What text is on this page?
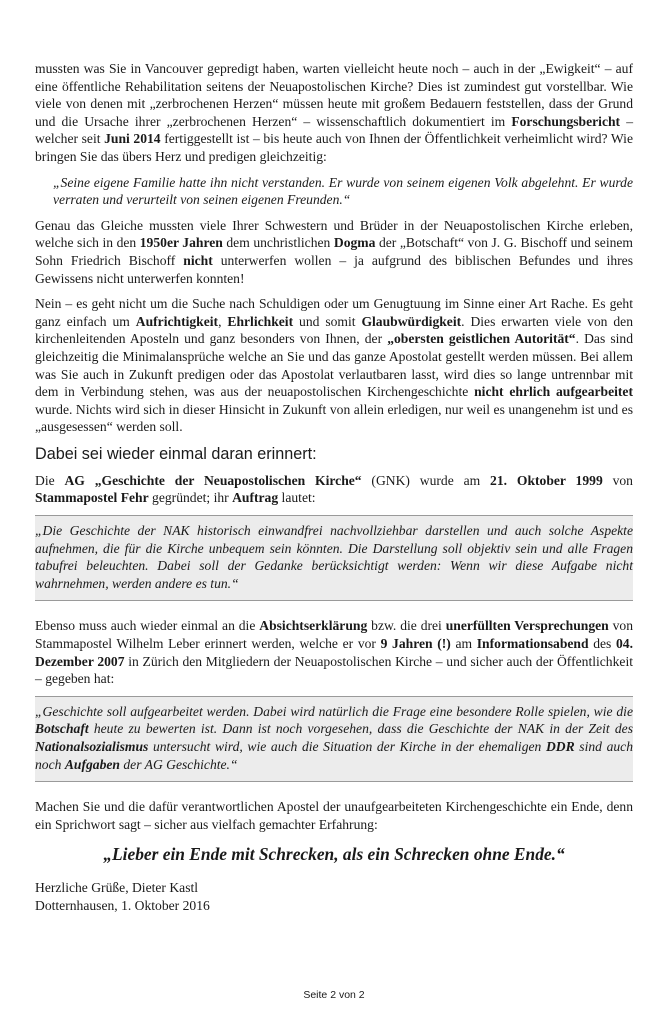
mussten was Sie in Vancouver gepredigt haben, warten vielleicht heute noch – auch in der „Ewigkeit“ – auf eine öffentliche Rehabilitation seitens der Neuapostolischen Kirche? Dies ist zumindest gut vorstellbar. Wie viele von denen mit „zerbrochenen Herzen“ müssen heute mit großem Bedauern feststellen, dass der Grund und die Ursache ihrer „zerbrochenen Herzen“ – wissenschaftlich dokumentiert im Forschungsbericht – welcher seit Juni 2014 fertiggestellt ist – bis heute auch von Ihnen der Öffentlichkeit verheimlicht wird? Wie bringen Sie das übers Herz und predigen gleichzeitig:

„Seine eigene Familie hatte ihn nicht verstanden. Er wurde von seinem eigenen Volk abgelehnt. Er wurde verraten und verurteilt von seinen eigenen Freunden.“

Genau das Gleiche mussten viele Ihrer Schwestern und Brüder in der Neuapostolischen Kirche erleben, welche sich in den 1950er Jahren dem unchristlichen Dogma der „Botschaft“ von J. G. Bischoff und seinem Sohn Friedrich Bischoff nicht unterwerfen wollen – ja aufgrund des biblischen Befundes und ihres Gewissens nicht unterwerfen konnten!

Nein – es geht nicht um die Suche nach Schuldigen oder um Genugtuung im Sinne einer Art Rache. Es geht ganz einfach um Aufrichtigkeit, Ehrlichkeit und somit Glaubwürdigkeit. Dies erwarten viele von den kirchenleitenden Aposteln und ganz besonders von Ihnen, der „obersten geistlichen Autorität“. Das sind gleichzeitig die Minimalansprüche welche an Sie und das ganze Apostolat gestellt werden müssen. Bei allem was Sie auch in Zukunft predigen oder das Apostolat verlautbaren lasst, wird dies so lange untrennbar mit dem in Verbindung stehen, was aus der neuapostolischen Kirchengeschichte nicht ehrlich aufgearbeitet wurde. Nichts wird sich in dieser Hinsicht in Zukunft von allein erledigen, nur weil es unangenehm ist und es „ausgesessen“ werden soll.

Dabei sei wieder einmal daran erinnert:

Die AG „Geschichte der Neuapostolischen Kirche“ (GNK) wurde am 21. Oktober 1999 von Stammapostel Fehr gegründet; ihr Auftrag lautet:

„Die Geschichte der NAK historisch einwandfrei nachvollziehbar darstellen und auch solche Aspekte aufnehmen, die für die Kirche unbequem sein könnten. Die Darstellung soll objektiv sein und alle Fragen tabufrei beleuchten. Dabei soll der Gedanke berücksichtigt werden: Wenn wir diese Aufgabe nicht wahrnehmen, werden andere es tun.“

Ebenso muss auch wieder einmal an die Absichtserklärung bzw. die drei unerfüllten Versprechungen von Stammapostel Wilhelm Leber erinnert werden, welche er vor 9 Jahren (!) am Informationsabend des 04. Dezember 2007 in Zürich den Mitgliedern der Neuapostolischen Kirche – und sicher auch der Öffentlichkeit – gegeben hat:

„Geschichte soll aufgearbeitet werden. Dabei wird natürlich die Frage eine besondere Rolle spielen, wie die Botschaft heute zu bewerten ist. Dann ist noch vorgesehen, dass die Geschichte der NAK in der Zeit des Nationalsozialismus untersucht wird, wie auch die Situation der Kirche in der ehemaligen DDR sind auch noch Aufgaben der AG Geschichte.“

Machen Sie und die dafür verantwortlichen Apostel der unaufgearbeiteten Kirchengeschichte ein Ende, denn ein Sprichwort sagt – sicher aus vielfach gemachter Erfahrung:

„Lieber ein Ende mit Schrecken, als ein Schrecken ohne Ende.“

Herzliche Grüße, Dieter Kastl

Dotternhausen, 1. Oktober 2016

Seite 2 von 2
